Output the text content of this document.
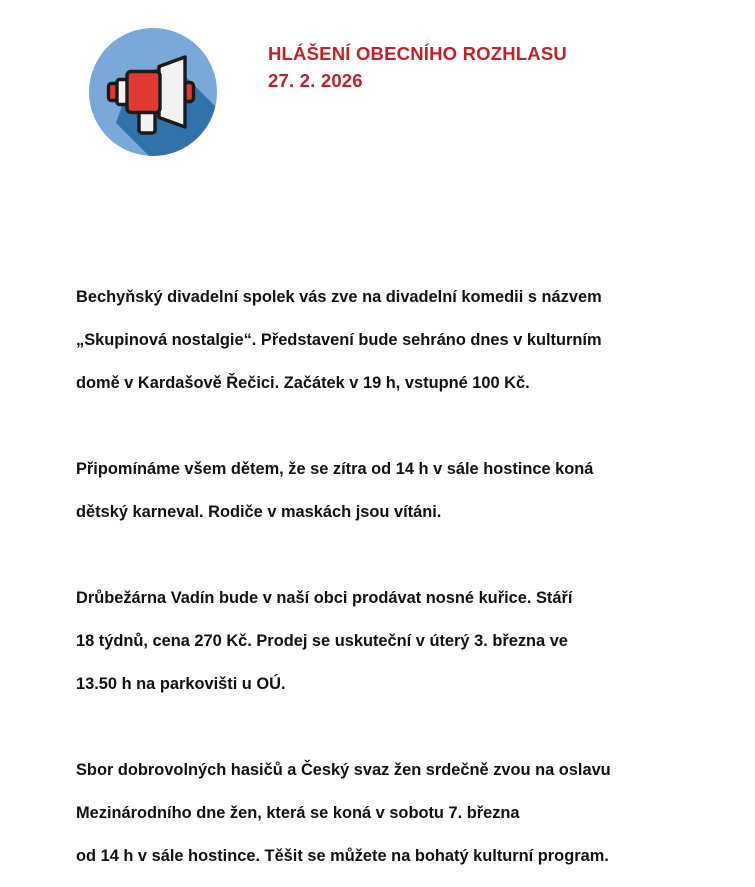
HLÁŠENÍ OBECNÍHO ROZHLASU

27. 2. 2026

Bechyňský divadelní spolek vás zve na divadelní komedii s názvem
„Skupinová nostalgie“. Představení bude sehráno dnes v kulturním
domě v Kardašově Řečici. Začátek v 19 h, vstupné 100 Kč.

Připomínáme všem dětem, že se zítra od 14 h v sále hostince koná
dětský karneval. Rodiče v maskách jsou vítáni.

Drůbežárna Vadín bude v naší obci prodávat nosné kuřice. Stáří
18 týdnů, cena 270 Kč. Prodej se uskuteční v úterý 3. března ve
13.50 h na parkovišti u OÚ.

Sbor dobrovolných hasičů a Český svaz žen srdečně zvou na oslavu
Mezinárodního dne žen, která se koná v sobotu 7. března
od 14 h v sále hostince. Těšit se můžete na bohatý kulturní program.
